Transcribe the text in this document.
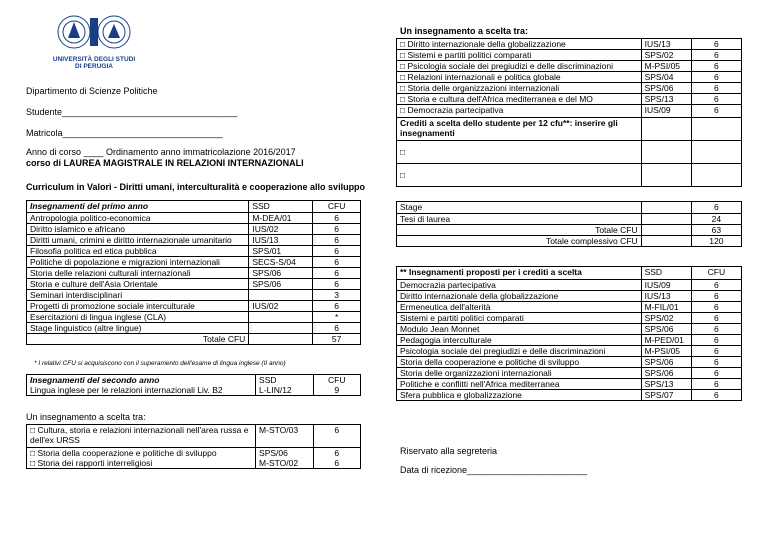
UNIVERSITÀ DEGLI STUDI
DI PERUGIA
Dipartimento di Scienze Politiche
Studente___________________________________
Matricola________________________________
Anno di corso ____ Ordinamento anno immatricolazione 2016/2017
corso di LAUREA MAGISTRALE IN RELAZIONI INTERNAZIONALI
Curriculum in Valori - Diritti umani, interculturalità e cooperazione allo sviluppo
Insegnamenti del primo anno	SSD	CFU
Antropologia politico-economica	M-DEA/01	6
Diritto islamico e africano	IUS/02	6
Diritti umani, crimini e diritto internazionale umanitario	IUS/13	6
Filosofia politica ed etica pubblica	SPS/01	6
Politiche di popolazione e migrazioni internazionali	SECS-S/04	6
Storia delle relazioni culturali internazionali	SPS/06	6
Storia e culture dell'Asia Orientale	SPS/06	6
Seminari interdisciplinari		3
Progetti di promozione sociale interculturale	IUS/02	6
Esercitazioni di lingua inglese (CLA)		*
Stage linguistico (altre lingue)		6
Totale CFU		57
* I relativi CFU si acquisiscono con il superamento dell'esame di lingua inglese (II anno)
Insegnamenti del secondo anno	SSD	CFU
Lingua inglese per le relazioni internazionali Liv. B2	L-LIN/12	9
Un insegnamento a scelta tra:
□ Cultura, storia e relazioni internazionali nell'area russa e
dell'ex URSS	M-STO/03	6
□ Storia della cooperazione e politiche di sviluppo	SPS/06	6
□ Storia dei rapporti interreligiosi	M-STO/02	6
Un insegnamento a scelta tra:
□ Diritto internazionale della globalizzazione	IUS/13	6
□ Sistemi e partiti politici comparati	SPS/02	6
□ Psicologia sociale dei pregiudizi e delle discriminazioni	M-PSI/05	6
□ Relazioni internazionali e politica globale	SPS/04	6
□ Storia delle organizzazioni internazionali	SPS/06	6
□ Storia e cultura dell'Africa mediterranea e del MO	SPS/13	6
□ Democrazia partecipativa	IUS/09	6

Crediti a scelta dello studente per 12 cfu**: inserire gli
insegnamenti		

□		
□		
Stage		6
Tesi di laurea		24
Totale CFU		63
Totale complessivo CFU		120
** Insegnamenti proposti per i crediti a scelta	SSD	CFU
Democrazia partecipativa	IUS/09	6
Diritto internazionale della globalizzazione	IUS/13	6
Ermeneutica dell'alterità	M-FIL/01	6
Sistemi e partiti politici comparati	SPS/02	6
Modulo Jean Monnet	SPS/06	6
Pedagogia interculturale	M-PED/01	6
Psicologia sociale dei pregiudizi e delle discriminazioni	M-PSI/05	6
Storia della cooperazione e politiche di sviluppo	SPS/06	6
Storia delle organizzazioni internazionali	SPS/06	6
Politiche e conflitti nell'Africa mediterranea	SPS/13	6
Sfera pubblica e globalizzazione	SPS/07	6
Riservato alla segreteria
Data di ricezione________________________
